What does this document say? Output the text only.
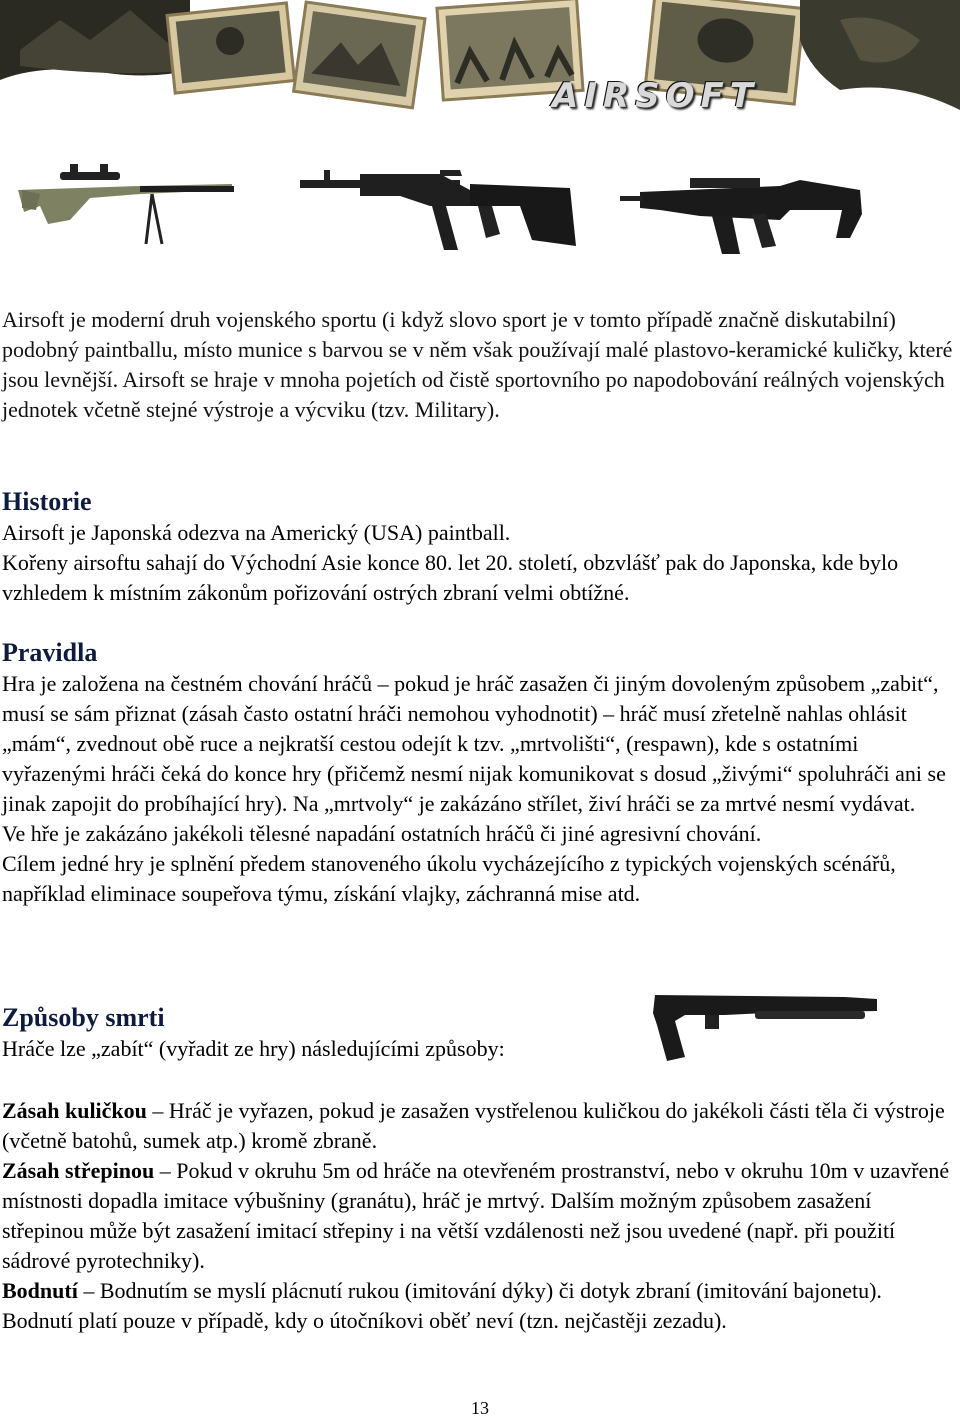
AIRSOFT

Airsoft je moderní druh vojenského sportu (i když slovo sport je v tomto případě značně diskutabilní) podobný paintballu, místo munice s barvou se v něm však používají malé plastovo-keramické kuličky, které jsou levnější. Airsoft se hraje v mnoha pojetích od čistě sportovního po napodobování reálných vojenských jednotek včetně stejné výstroje a výcviku (tzv. Military).

Historie

Airsoft je Japonská odezva na Americký (USA) paintball.

Kořeny airsoftu sahají do Východní Asie konce 80. let 20. století, obzvlášť pak do Japonska, kde bylo vzhledem k místním zákonům pořizování ostrých zbraní velmi obtížné.

Pravidla

Hra je založena na čestném chování hráčů – pokud je hráč zasažen či jiným dovoleným způsobem „zabit“, musí se sám přiznat (zásah často ostatní hráči nemohou vyhodnotit) – hráč musí zřetelně nahlas ohlásit „mám“, zvednout obě ruce a nejkratší cestou odejít k tzv. „mrtvolišti“, (respawn), kde s ostatními vyřazenými hráči čeká do konce hry (přičemž nesmí nijak komunikovat s dosud „živými“ spoluhráči ani se jinak zapojit do probíhající hry). Na „mrtvoly“ je zakázáno střílet, živí hráči se za mrtvé nesmí vydávat.

Ve hře je zakázáno jakékoli tělesné napadání ostatních hráčů či jiné agresivní chování.

Cílem jedné hry je splnění předem stanoveného úkolu vycházejícího z typických vojenských scénářů, například eliminace soupeřova týmu, získání vlajky, záchranná mise atd.

Způsoby smrti

Hráče lze „zabít“ (vyřadit ze hry) následujícími způsoby:

Zásah kuličkou – Hráč je vyřazen, pokud je zasažen vystřelenou kuličkou do jakékoli části těla či výstroje (včetně batohů, sumek atp.) kromě zbraně.

Zásah střepinou – Pokud v okruhu 5m od hráče na otevřeném prostranství, nebo v okruhu 10m v uzavřené místnosti dopadla imitace výbušniny (granátu), hráč je mrtvý. Dalším možným způsobem zasažení střepinou může být zasažení imitací střepiny i na větší vzdálenosti než jsou uvedené (např. při použití sádrové pyrotechniky).

Bodnutí – Bodnutím se myslí plácnutí rukou (imitování dýky) či dotyk zbraní (imitování bajonetu). Bodnutí platí pouze v případě, kdy o útočníkovi oběť neví (tzn. nejčastěji zezadu).

13
